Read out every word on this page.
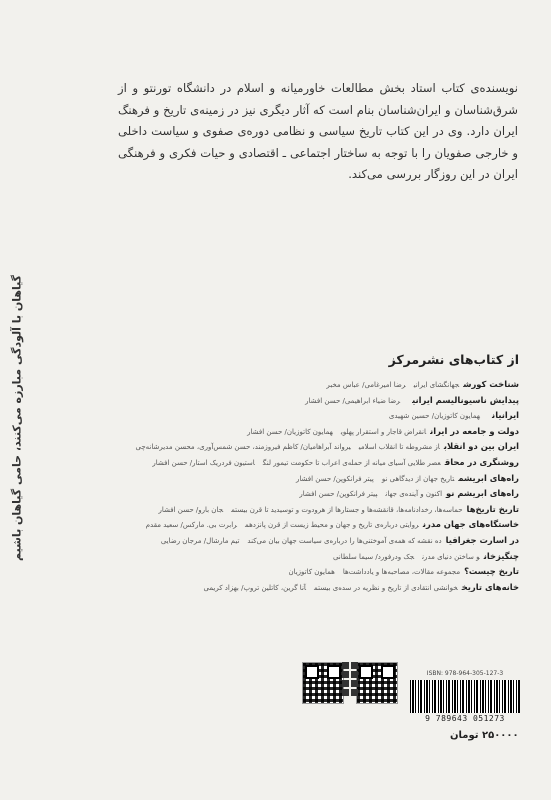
نویسنده‌ی کتاب استاد بخش مطالعات خاورمیانه و اسلام در دانشگاه تورنتو و از شرق‌شناسان و ایران‌شناسان بنام است که آثار دیگری نیز در زمینه‌ی تاریخ و فرهنگ ایران دارد. وی در این کتاب تاریخ سیاسی و نظامی دوره‌ی صفوی و سیاست داخلی و خارجی صفویان را با توجه به ساختار اجتماعی ـ اقتصادی و حیات فکری و فرهنگی ایران در این روزگار بررسی می‌کند.
گیاهان با آلودگی مبارزه می‌کنند، حامی گیاهان باشیم	از کتاب‌های نشرمرکز
شناخت کورشجهانگشای ایرانیرضا امیرغامی/ عباس مخبر
پیدایش ناسیونالیسم ایرانیرضا ضیاء ابراهیمی/ حسن افشار
ایرانیانهمایون کاتوزیان/ حسین شهیدی
دولت و جامعه در ایرانانقراض قاجار و استقرار پهلویهمایون کاتوزیان/ حسن افشار
ایران بین دو انقلاباز مشروطه تا انقلاب اسلامییرواند آبراهامیان/ کاظم فیروزمند، حسن شمس‌آوری، محسن مدیرشانه‌چی
روشنگری در محاقعصر طلایی آسیای میانه از حمله‌ی اعراب تا حکومت تیمور لنگاستیون فردریک استار/ حسن افشار
راه‌های ابریشمتاریخ جهان از دیدگاهی نوپیتر فرانکوپن/ حسن افشار
راه‌های ابریشم نواکنون و آینده‌ی جهانپیتر فرانکوپن/ حسن افشار
تاریخ تاریخ‌هاحماسه‌ها، رخدادنامه‌ها، قانقشه‌ها و جستارها از هرودوت و توسیدید تا قرن بیستمجان بارو/ حسن افشار
خاستگاه‌های جهان مدرنروایتی درباره‌ی تاریخ و جهان و محیط زیست از قرن پانزدهمرابرت بی. مارکس/ سعید مقدم
در اسارت جغرافیاده نقشه که همه‌ی آموختنی‌ها را درباره‌ی سیاست جهان بیان می‌کندتیم مارشال/ مرجان رضایی
چنگیزخانو ساختن دنیای مدرنجک ودرفورد/ سیما سلطانی
تاریخ چیست؟مجموعه مقالات، مصاحبه‌ها و یادداشت‌هاهمایون کاتوزیان
خانه‌های تاریخخوانشی انتقادی از تاریخ و نظریه در سده‌ی بیستمآنا گرین، کاتلین تروپ/ بهزاد کریمی
ISBN: 978-964-305-127-3
9 789643 051273
۲۵۰۰۰۰ تومان
